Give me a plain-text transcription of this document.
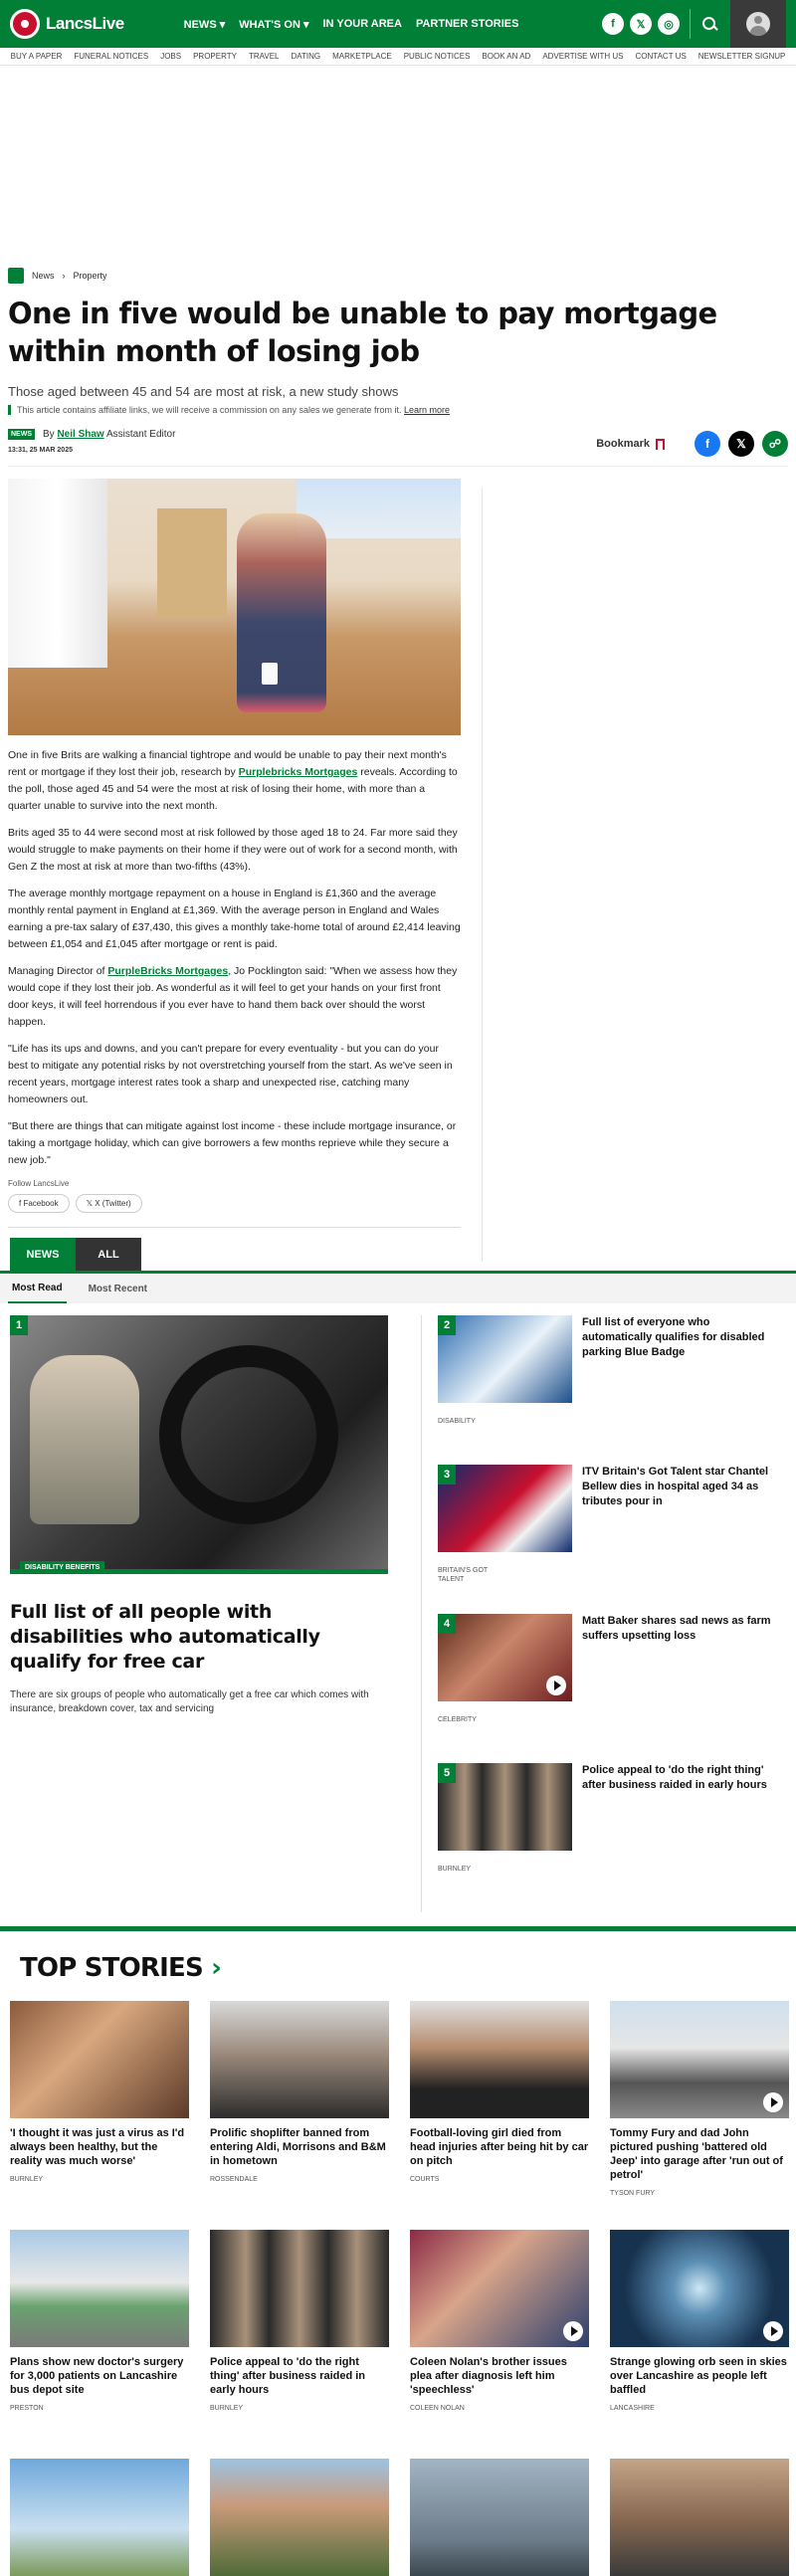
LancsLive	NEWS ▾ WHAT'S ON ▾ IN YOUR AREA PARTNER STORIES	f	𝕏	◎
BUY A PAPER FUNERAL NOTICES JOBS PROPERTY TRAVEL DATING MARKETPLACE PUBLIC NOTICES BOOK AN AD ADVERTISE WITH US CONTACT US NEWSLETTER SIGNUP
News › Property
One in five would be unable to pay mortgage within month of losing job
Those aged between 45 and 54 are most at risk, a new study shows
This article contains affiliate links, we will receive a commission on any sales we generate from it. Learn more
NEWS	By Neil Shaw Assistant Editor
13:31, 25 MAR 2025
Bookmark	f	𝕏	☍

One in five Brits are walking a financial tightrope and would be unable to pay their next month's rent or mortgage if they lost their job, research by Purplebricks Mortgages reveals. According to the poll, those aged 45 and 54 were the most at risk of losing their home, with more than a quarter unable to survive into the next month.

Brits aged 35 to 44 were second most at risk followed by those aged 18 to 24. Far more said they would struggle to make payments on their home if they were out of work for a second month, with Gen Z the most at risk at more than two-fifths (43%).

The average monthly mortgage repayment on a house in England is £1,360 and the average monthly rental payment in England at £1,369. With the average person in England and Wales earning a pre-tax salary of £37,430, this gives a monthly take-home total of around £2,414 leaving between £1,054 and £1,045 after mortgage or rent is paid.

Managing Director of PurpleBricks Mortgages, Jo Pocklington said: "When we assess how they would cope if they lost their job. As wonderful as it will feel to get your hands on your first front door keys, it will feel horrendous if you ever have to hand them back over should the worst happen.

"Life has its ups and downs, and you can't prepare for every eventuality - but you can do your best to mitigate any potential risks by not overstretching yourself from the start. As we've seen in recent years, mortgage interest rates took a sharp and unexpected rise, catching many homeowners out.

"But there are things that can mitigate against lost income - these include mortgage insurance, or taking a mortgage holiday, which can give borrowers a few months reprieve while they secure a new job."

Follow LancsLive
f Facebook	𝕏 X (Twitter)
NEWS	ALL
Most Read	Most Recent
1
DISABILITY BENEFITS
Full list of all people with disabilities who automatically qualify for free car

There are six groups of people who automatically get a free car which comes with insurance, breakdown cover, tax and servicing

2	Full list of everyone who automatically qualifies for disabled parking Blue Badge
DISABILITY
3	ITV Britain's Got Talent star Chantel Bellew dies in hospital aged 34 as tributes pour in
BRITAIN'S GOT TALENT
4	Matt Baker shares sad news as farm suffers upsetting loss
CELEBRITY
5	Police appeal to 'do the right thing' after business raided in early hours
BURNLEY
TOP STORIES ›
'I thought it was just a virus as I'd always been healthy, but the reality was much worse'
BURNLEY
Prolific shoplifter banned from entering Aldi, Morrisons and B&M in hometown
ROSSENDALE
Football-loving girl died from head injuries after being hit by car on pitch
COURTS
Tommy Fury and dad John pictured pushing 'battered old Jeep' into garage after 'run out of petrol'
TYSON FURY
Plans show new doctor's surgery for 3,000 patients on Lancashire bus depot site
PRESTON
Police appeal to 'do the right thing' after business raided in early hours
BURNLEY
Coleen Nolan's brother issues plea after diagnosis left him 'speechless'
COLEEN NOLAN
Strange glowing orb seen in skies over Lancashire as people left baffled
LANCASHIRE
